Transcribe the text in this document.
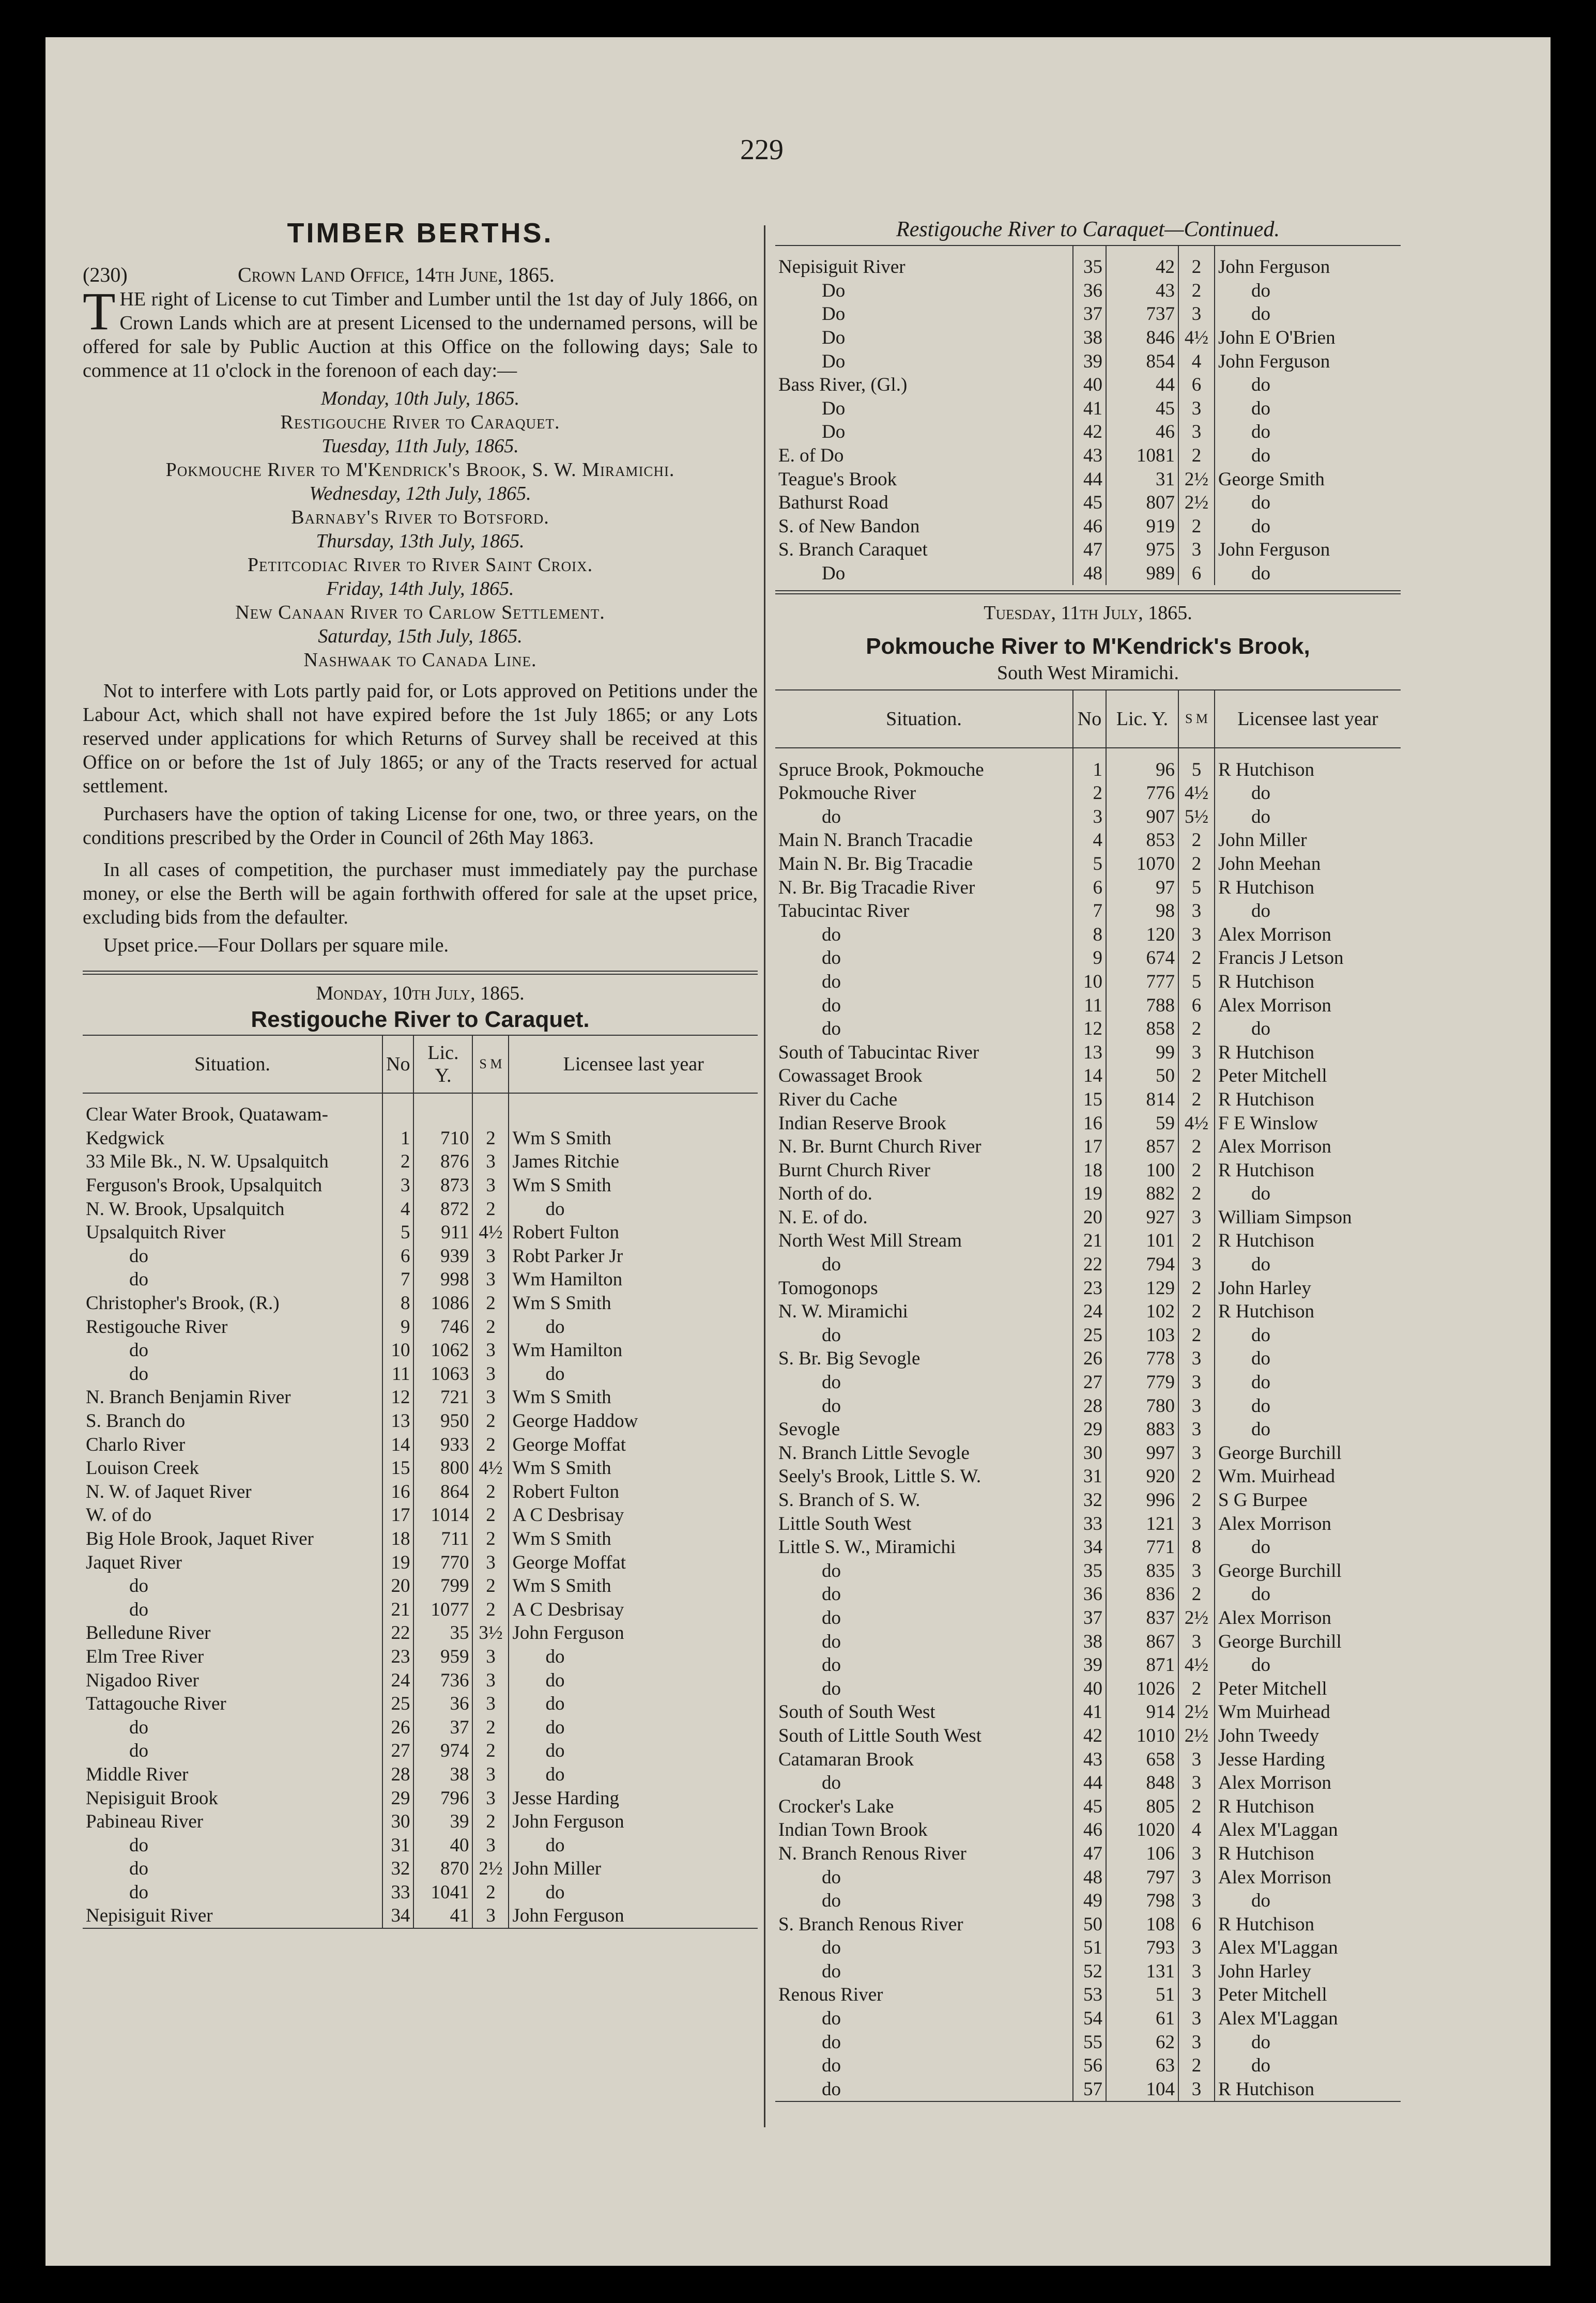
229
TIMBER BERTHS.
(230)	Crown Land Office, 14th June, 1865.

THE right of License to cut Timber and Lumber until the 1st day of July 1866, on Crown Lands which are at present Licensed to the undernamed persons, will be offered for sale by Public Auction at this Office on the following days; Sale to commence at 11 o'clock in the forenoon of each day:—

Monday, 10th July, 1865.
Restigouche River to Caraquet.
Tuesday, 11th July, 1865.
Pokmouche River to M'Kendrick's Brook, S. W. Miramichi.
Wednesday, 12th July, 1865.
Barnaby's River to Botsford.
Thursday, 13th July, 1865.
Petitcodiac River to River Saint Croix.
Friday, 14th July, 1865.
New Canaan River to Carlow Settlement.
Saturday, 15th July, 1865.
Nashwaak to Canada Line.

Not to interfere with Lots partly paid for, or Lots approved on Petitions under the Labour Act, which shall not have expired before the 1st July 1865; or any Lots reserved under applications for which Returns of Survey shall be received at this Office on or before the 1st of July 1865; or any of the Tracts reserved for actual settlement.

Purchasers have the option of taking License for one, two, or three years, on the conditions prescribed by the Order in Council of 26th May 1863.

In all cases of competition, the purchaser must immediately pay the purchase money, or else the Berth will be again forthwith offered for sale at the upset price, excluding bids from the defaulter.

Upset price.—Four Dollars per square mile.

Monday, 10th July, 1865.
Restigouche River to Caraquet.
Situation.	No	Lic. Y.	S M	Licensee last year
Clear Water Brook, Quatawam-				
Kedgwick	1	710	2	Wm S Smith
33 Mile Bk., N. W. Upsalquitch	2	876	3	James Ritchie
Ferguson's Brook, Upsalquitch	3	873	3	Wm S Smith
N. W. Brook, Upsalquitch	4	872	2	do
Upsalquitch River	5	911	4½	Robert Fulton
do	6	939	3	Robt Parker Jr
do	7	998	3	Wm Hamilton
Christopher's Brook, (R.)	8	1086	2	Wm S Smith
Restigouche River	9	746	2	do
do	10	1062	3	Wm Hamilton
do	11	1063	3	do
N. Branch Benjamin River	12	721	3	Wm S Smith
S. Branch do	13	950	2	George Haddow
Charlo River	14	933	2	George Moffat
Louison Creek	15	800	4½	Wm S Smith
N. W. of Jaquet River	16	864	2	Robert Fulton
W. of do	17	1014	2	A C Desbrisay
Big Hole Brook, Jaquet River	18	711	2	Wm S Smith
Jaquet River	19	770	3	George Moffat
do	20	799	2	Wm S Smith
do	21	1077	2	A C Desbrisay
Belledune River	22	35	3½	John Ferguson
Elm Tree River	23	959	3	do
Nigadoo River	24	736	3	do
Tattagouche River	25	36	3	do
do	26	37	2	do
do	27	974	2	do
Middle River	28	38	3	do
Nepisiguit Brook	29	796	3	Jesse Harding
Pabineau River	30	39	2	John Ferguson
do	31	40	3	do
do	32	870	2½	John Miller
do	33	1041	2	do
Nepisiguit River	34	41	3	John Ferguson
Restigouche River to Caraquet—Continued.
Nepisiguit River	35	42	2	John Ferguson
Do	36	43	2	do
Do	37	737	3	do
Do	38	846	4½	John E O'Brien
Do	39	854	4	John Ferguson
Bass River, (Gl.)	40	44	6	do
Do	41	45	3	do
Do	42	46	3	do
E. of Do	43	1081	2	do
Teague's Brook	44	31	2½	George Smith
Bathurst Road	45	807	2½	do
S. of New Bandon	46	919	2	do
S. Branch Caraquet	47	975	3	John Ferguson
Do	48	989	6	do
Tuesday, 11th July, 1865.
Pokmouche River to M'Kendrick's Brook,
South West Miramichi.
Situation.	No	Lic. Y.	S M	Licensee last year
Spruce Brook, Pokmouche	1	96	5	R Hutchison
Pokmouche River	2	776	4½	do
do	3	907	5½	do
Main N. Branch Tracadie	4	853	2	John Miller
Main N. Br. Big Tracadie	5	1070	2	John Meehan
N. Br. Big Tracadie River	6	97	5	R Hutchison
Tabucintac River	7	98	3	do
do	8	120	3	Alex Morrison
do	9	674	2	Francis J Letson
do	10	777	5	R Hutchison
do	11	788	6	Alex Morrison
do	12	858	2	do
South of Tabucintac River	13	99	3	R Hutchison
Cowassaget Brook	14	50	2	Peter Mitchell
River du Cache	15	814	2	R Hutchison
Indian Reserve Brook	16	59	4½	F E Winslow
N. Br. Burnt Church River	17	857	2	Alex Morrison
Burnt Church River	18	100	2	R Hutchison
North of do.	19	882	2	do
N. E. of do.	20	927	3	William Simpson
North West Mill Stream	21	101	2	R Hutchison
do	22	794	3	do
Tomogonops	23	129	2	John Harley
N. W. Miramichi	24	102	2	R Hutchison
do	25	103	2	do
S. Br. Big Sevogle	26	778	3	do
do	27	779	3	do
do	28	780	3	do
Sevogle	29	883	3	do
N. Branch Little Sevogle	30	997	3	George Burchill
Seely's Brook, Little S. W.	31	920	2	Wm. Muirhead
S. Branch of S. W.	32	996	2	S G Burpee
Little South West	33	121	3	Alex Morrison
Little S. W., Miramichi	34	771	8	do
do	35	835	3	George Burchill
do	36	836	2	do
do	37	837	2½	Alex Morrison
do	38	867	3	George Burchill
do	39	871	4½	do
do	40	1026	2	Peter Mitchell
South of South West	41	914	2½	Wm Muirhead
South of Little South West	42	1010	2½	John Tweedy
Catamaran Brook	43	658	3	Jesse Harding
do	44	848	3	Alex Morrison
Crocker's Lake	45	805	2	R Hutchison
Indian Town Brook	46	1020	4	Alex M'Laggan
N. Branch Renous River	47	106	3	R Hutchison
do	48	797	3	Alex Morrison
do	49	798	3	do
S. Branch Renous River	50	108	6	R Hutchison
do	51	793	3	Alex M'Laggan
do	52	131	3	John Harley
Renous River	53	51	3	Peter Mitchell
do	54	61	3	Alex M'Laggan
do	55	62	3	do
do	56	63	2	do
do	57	104	3	R Hutchison
